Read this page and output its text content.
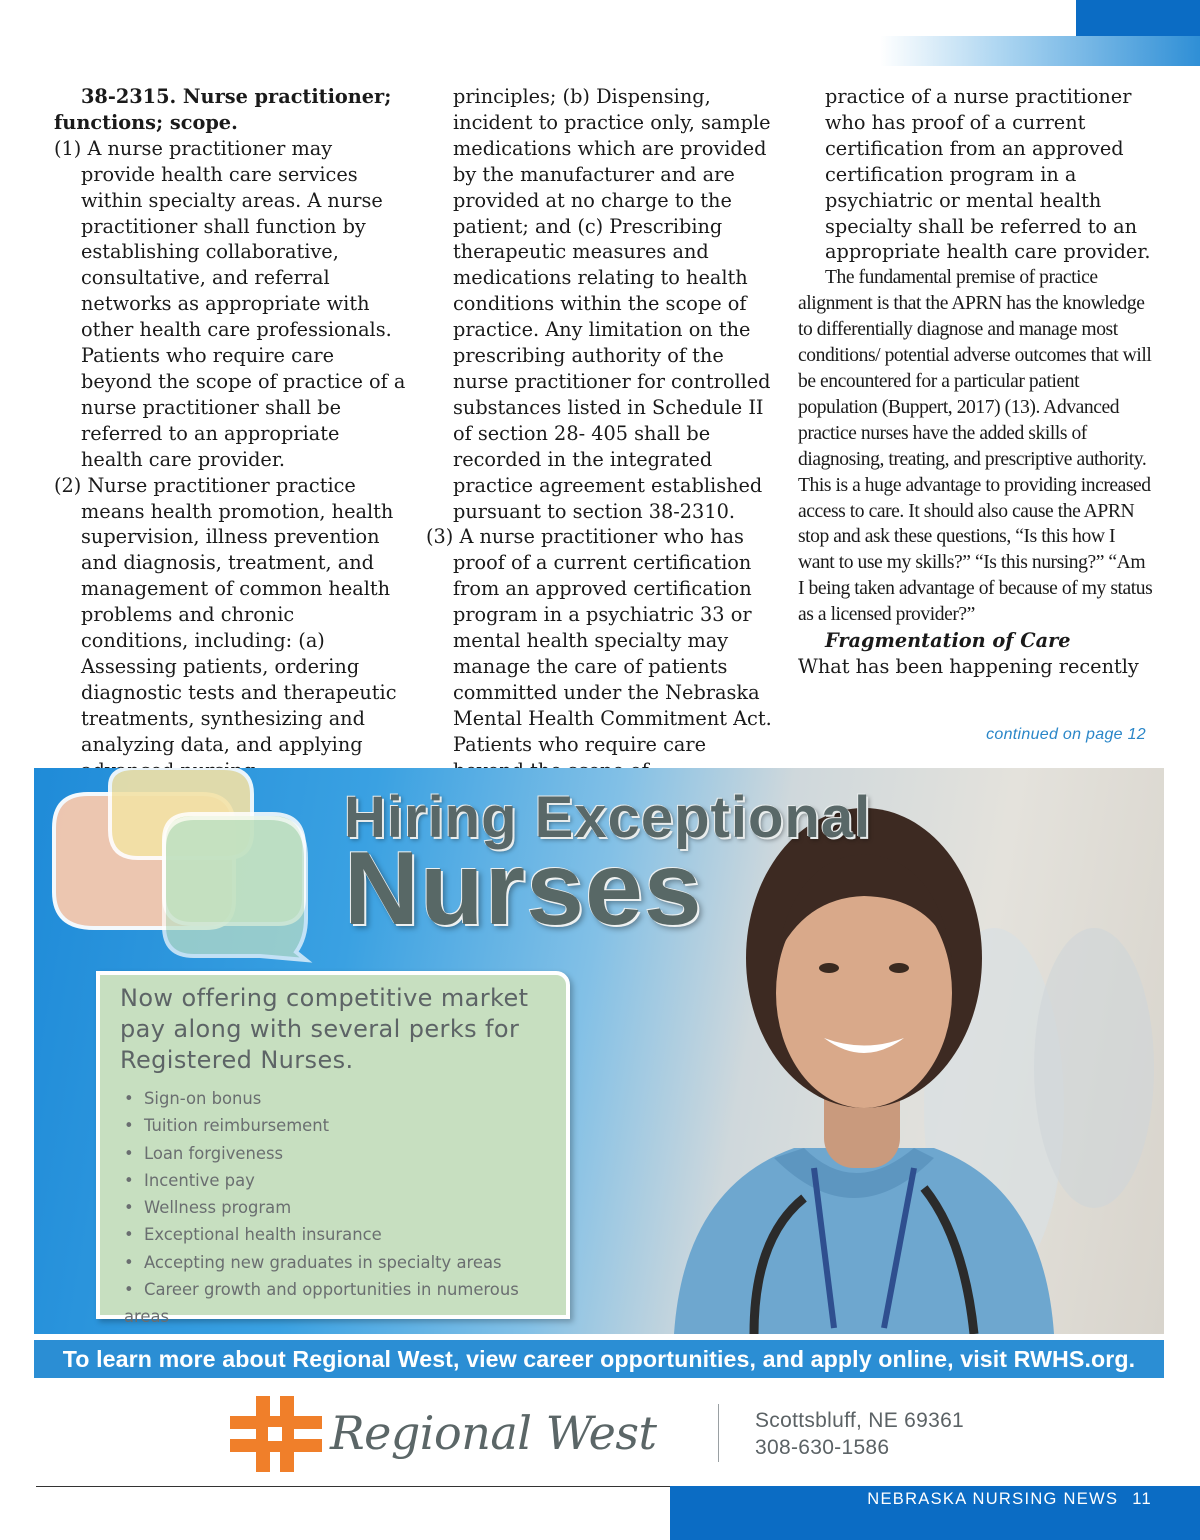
38-2315. Nurse practitioner; functions; scope.

(1) A nurse practitioner may provide health care services within specialty areas. A nurse practitioner shall function by establishing collaborative, consultative, and referral networks as appropriate with other health care professionals. Patients who require care beyond the scope of practice of a nurse practitioner shall be referred to an appropriate health care provider.

(2) Nurse practitioner practice means health promotion, health supervision, illness prevention and diagnosis, treatment, and management of common health problems and chronic conditions, including: (a) Assessing patients, ordering diagnostic tests and therapeutic treatments, synthesizing and analyzing data, and applying

principles; (b) Dispensing, incident to practice only, sample medications which are provided by the manufacturer and are provided at no charge to the patient; and (c) Prescribing therapeutic measures and medications relating to health conditions within the scope of practice. Any limitation on the prescribing authority of the nurse practitioner for controlled substances listed in Schedule II of section 28- 405 shall be recorded in the integrated practice agreement established pursuant to section 38-2310.

(3) A nurse practitioner who has proof of a current certification from an approved certification program in a psychiatric 33 or mental health specialty may manage the care of patients committed under the Nebraska Mental Health Commitment Act. Patients who require care

practice of a nurse practitioner who has proof of a current certification from an approved certification program in a psychiatric or mental health specialty shall be referred to an appropriate health care provider.

The fundamental premise of practice alignment is that the APRN has the knowledge to differentially diagnose and manage most conditions/ potential adverse outcomes that will be encountered for a particular patient population (Buppert, 2017) (13). Advanced practice nurses have the added skills of diagnosing, treating, and prescriptive authority. This is a huge advantage to providing increased access to care. It should also cause the APRN stop and ask these questions, “Is this how I want to use my skills?” “Is this nursing?” “Am I being taken advantage of because of my status as a licensed provider?”

Fragmentation of Care

What has been happening recently

continued on page 12
Hiring Exceptional
Nurses
Now offering competitive market pay along with several perks for Registered Nurses.
• Sign-on bonus
• Tuition reimbursement
• Loan forgiveness
• Incentive pay
• Wellness program
• Exceptional health insurance
• Accepting new graduates in specialty areas
• Career growth and opportunities in numerous areas
To learn more about Regional West, view career opportunities, and apply online, visit RWHS.org.
Regional West	Scottsbluff, NE 69361
308-630-1586
NEBRASKA NURSING NEWS 11
